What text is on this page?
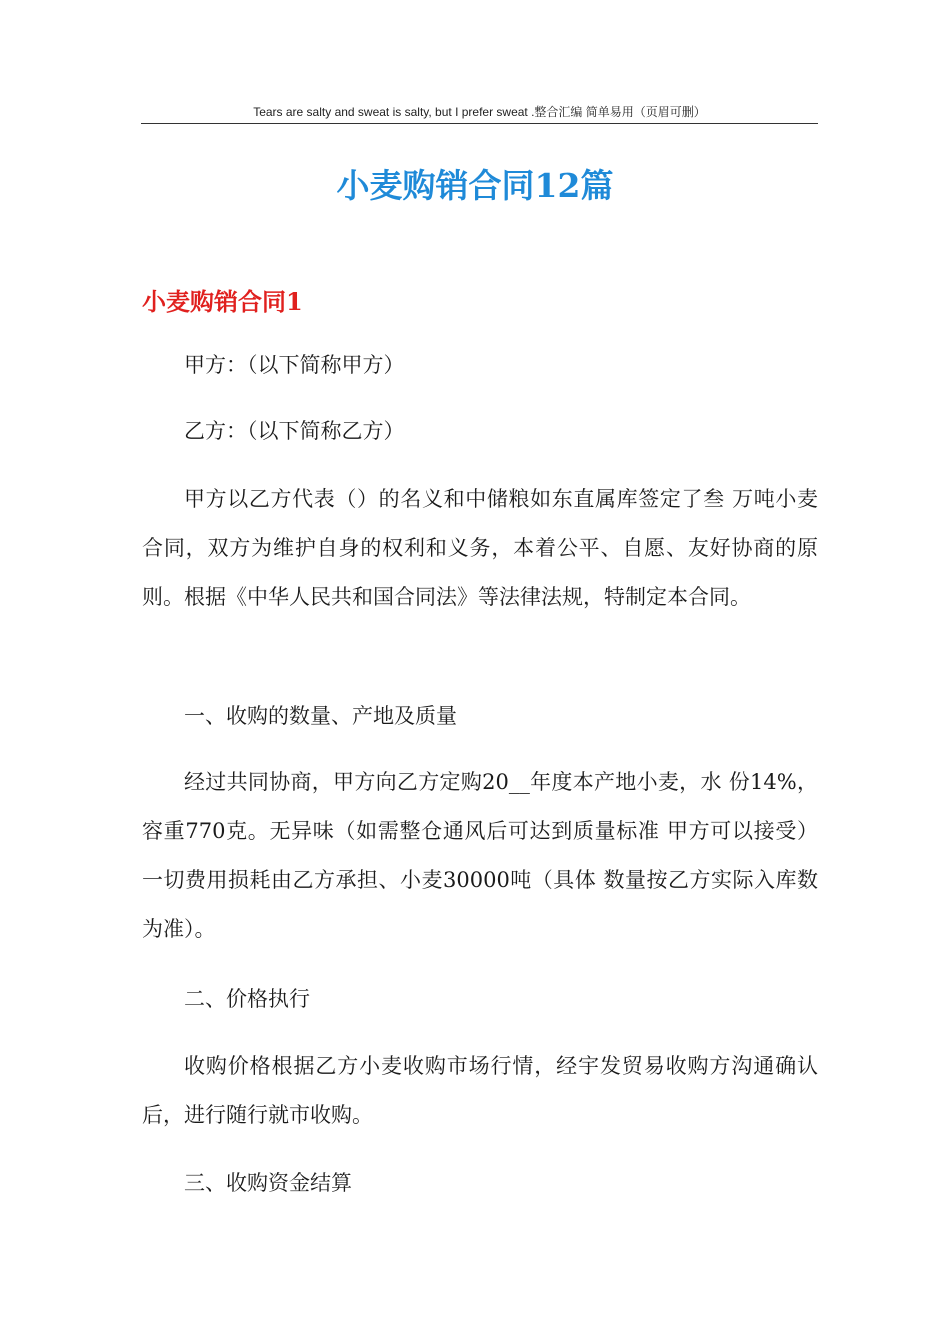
Tears are salty and sweat is salty, but I prefer sweat .整合汇编 简单易用（页眉可删）
小麦购销合同12篇
小麦购销合同1
甲方：（以下简称甲方）
乙方：（以下简称乙方）

甲方以乙方代表（）的名义和中储粮如东直属库签定了叁 万吨小麦合同，双方为维护自身的权利和义务，本着公平、自愿、友好协商的原则。根据《中华人民共和国合同法》等法律法规，特制定本合同。

一、收购的数量、产地及质量

经过共同协商，甲方向乙方定购20__年度本产地小麦，水 份14%，容重770克。无异味（如需整仓通风后可达到质量标准 甲方可以接受）一切费用损耗由乙方承担、小麦30000吨（具体 数量按乙方实际入库数为准）。

二、价格执行

收购价格根据乙方小麦收购市场行情，经宇发贸易收购方沟通确认后，进行随行就市收购。

三、收购资金结算
